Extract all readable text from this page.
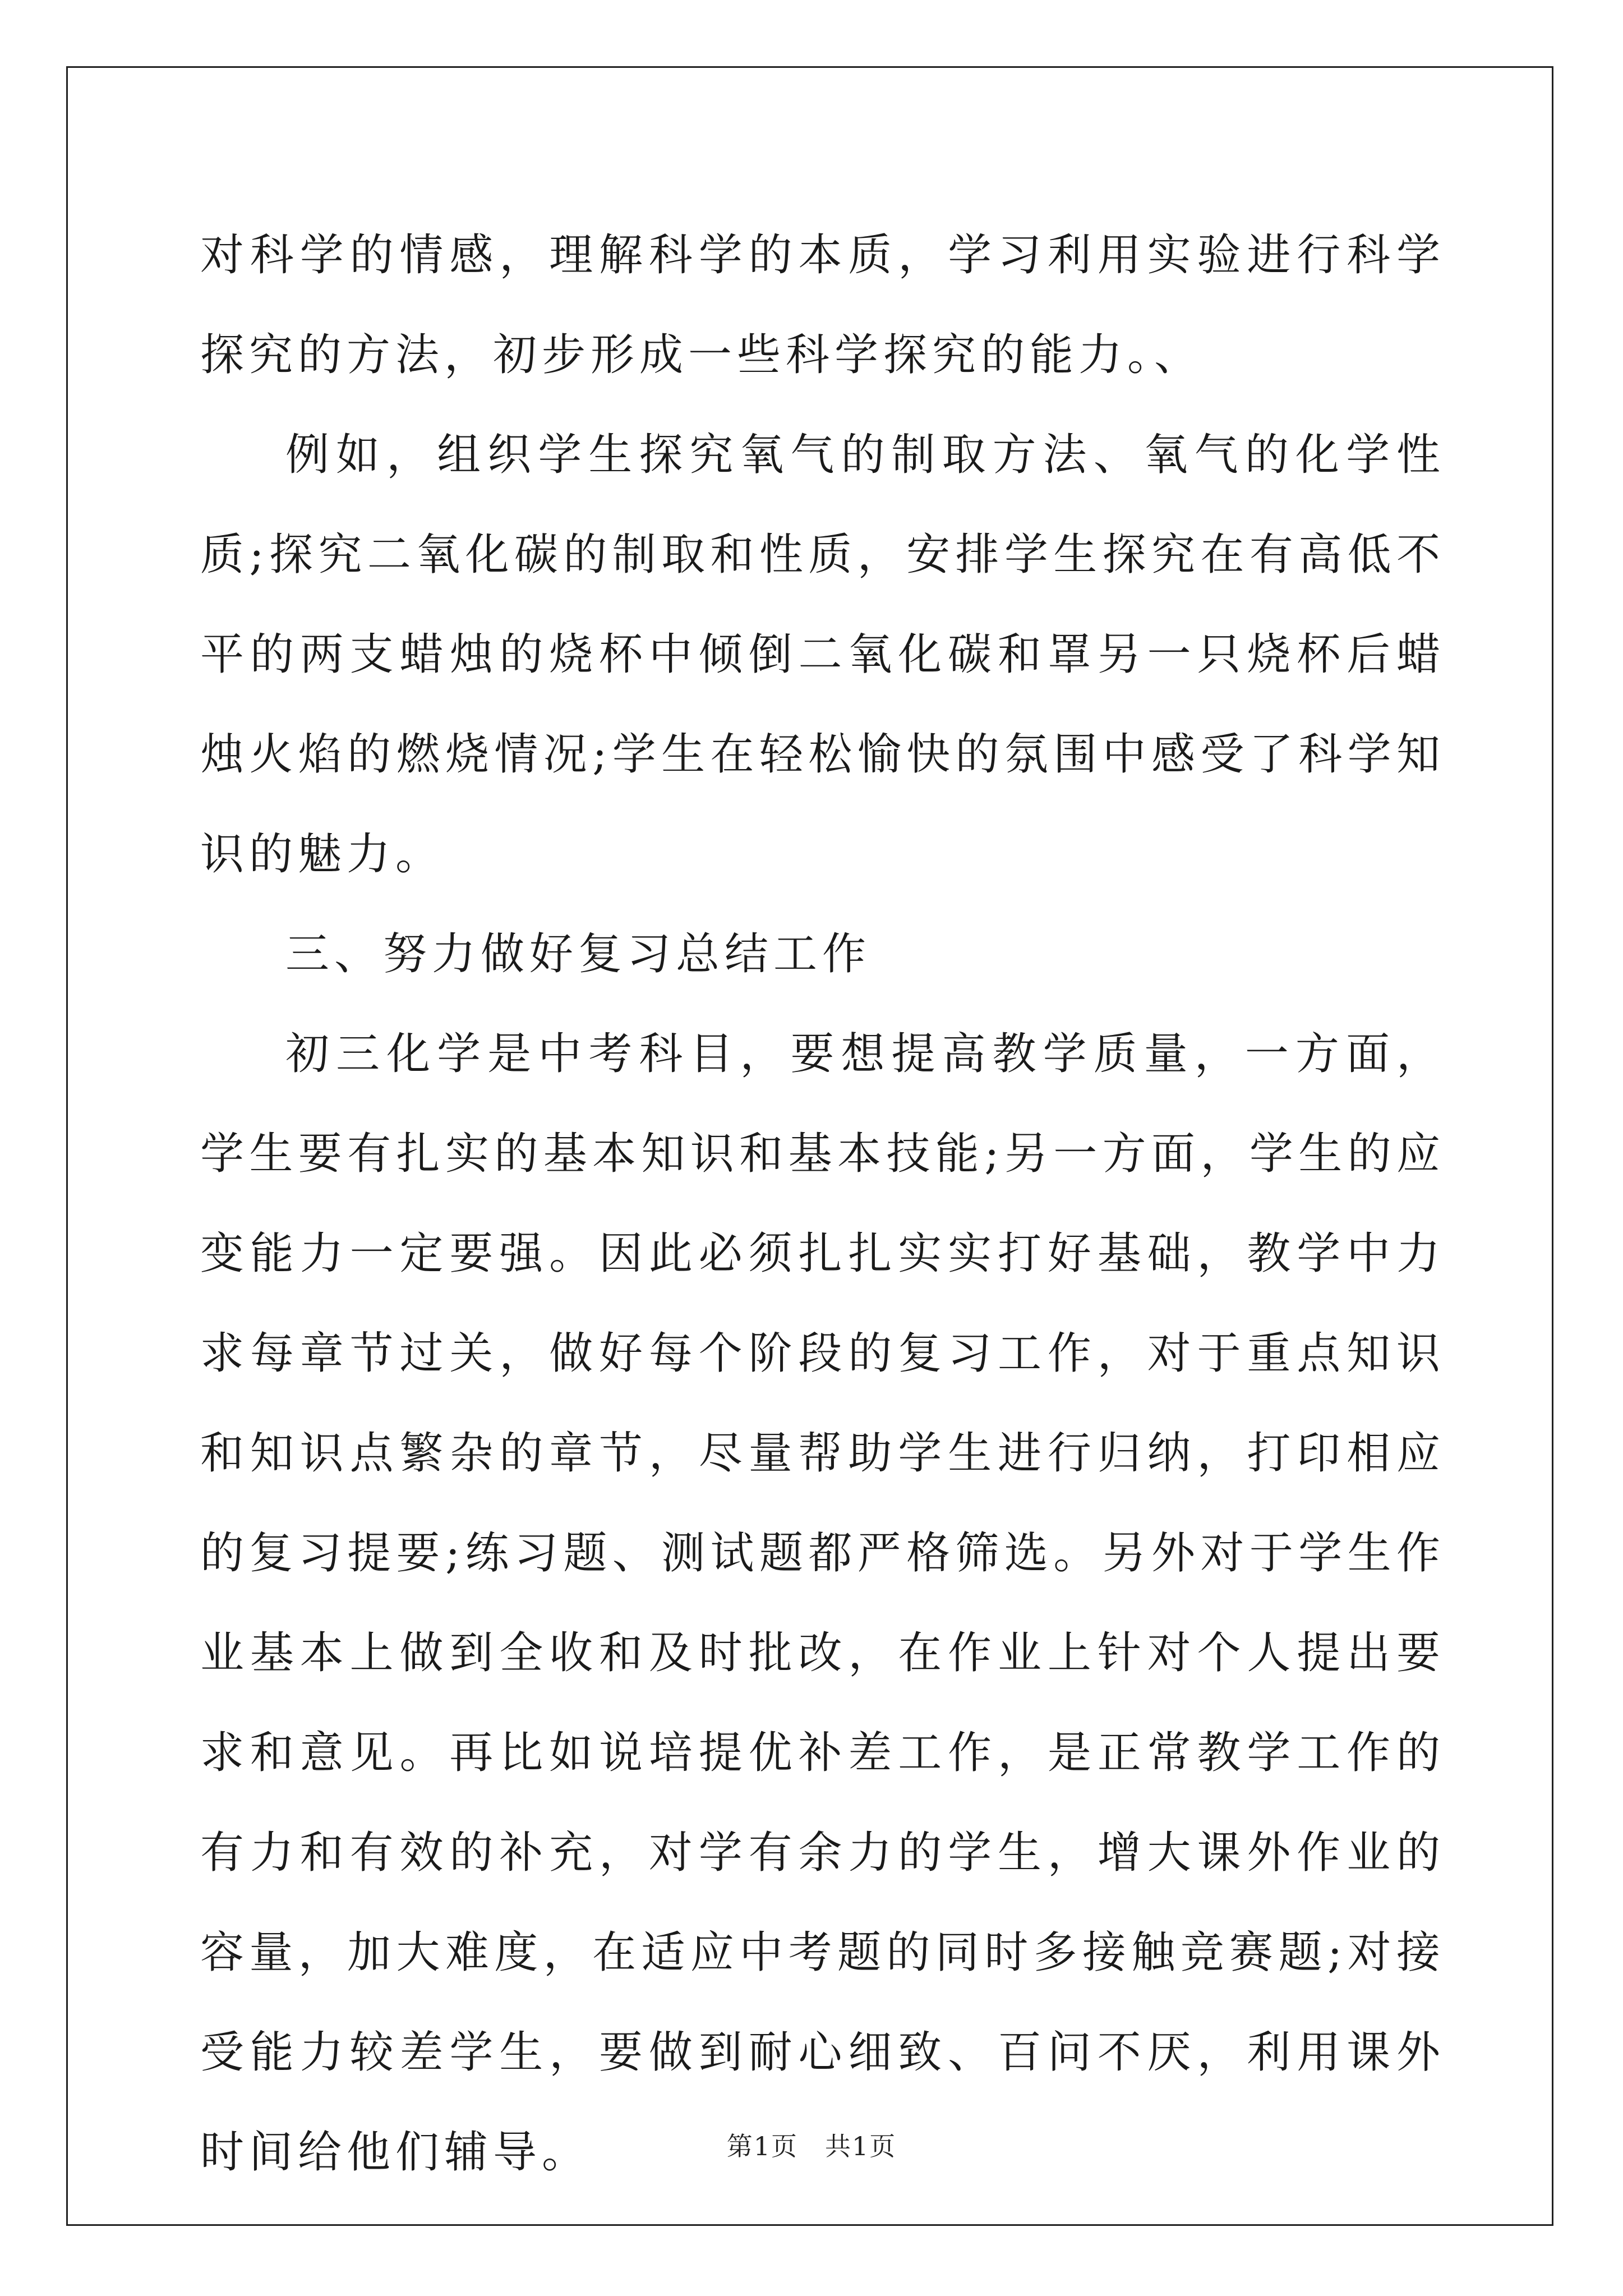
对科学的情感，理解科学的本质，学习利用实验进行科学探究的方法，初步形成一些科学探究的能力。、

例如，组织学生探究氧气的制取方法、氧气的化学性质;探究二氧化碳的制取和性质，安排学生探究在有高低不平的两支蜡烛的烧杯中倾倒二氧化碳和罩另一只烧杯后蜡烛火焰的燃烧情况;学生在轻松愉快的氛围中感受了科学知识的魅力。

三、努力做好复习总结工作

初三化学是中考科目，要想提高教学质量，一方面，学生要有扎实的基本知识和基本技能;另一方面，学生的应变能力一定要强。因此必须扎扎实实打好基础，教学中力求每章节过关，做好每个阶段的复习工作，对于重点知识和知识点繁杂的章节，尽量帮助学生进行归纳，打印相应的复习提要;练习题、测试题都严格筛选。另外对于学生作业基本上做到全收和及时批改，在作业上针对个人提出要求和意见。再比如说培提优补差工作，是正常教学工作的有力和有效的补充，对学有余力的学生，增大课外作业的容量，加大难度，在适应中考题的同时多接触竞赛题;对接受能力较差学生，要做到耐心细致、百问不厌，利用课外时间给他们辅导。	第1页　共1页
